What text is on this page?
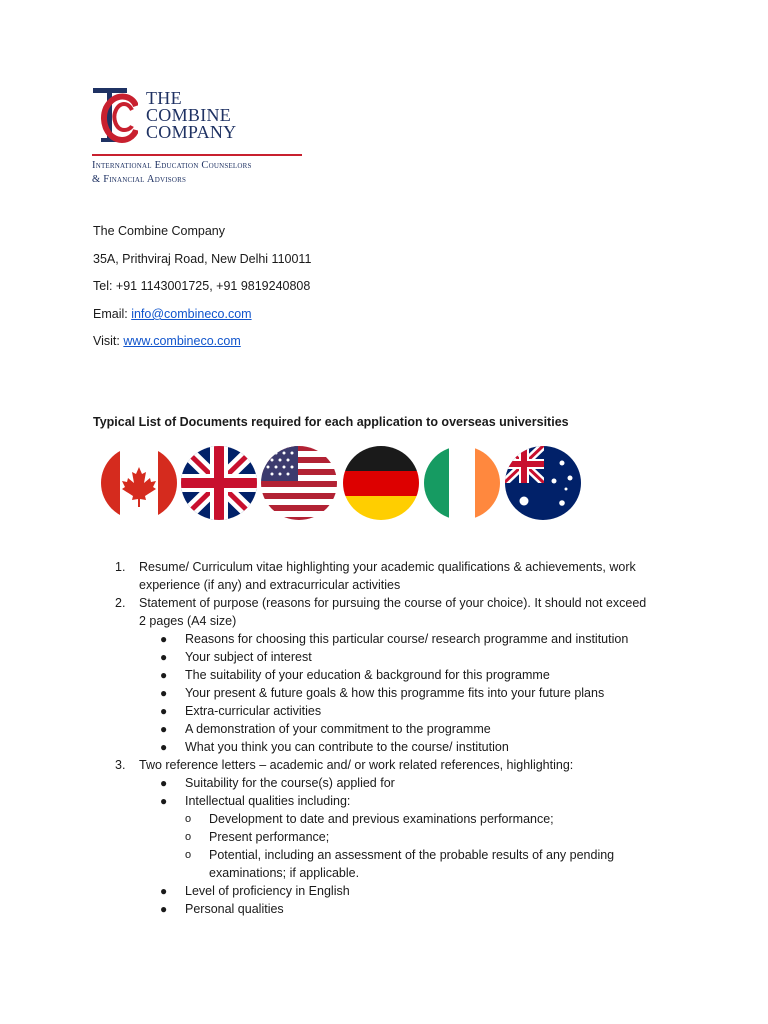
THE
COMBINE
COMPANY
International Education Counselors
& Financial Advisors
The Combine Company
35A, Prithviraj Road, New Delhi 110011
Tel: +91 1143001725, +91 9819240808
Email: info@combineco.com
Visit: www.combineco.com
Typical List of Documents required for each application to overseas universities
1.	Resume/ Curriculum vitae highlighting your academic qualifications & achievements, work
experience (if any) and extracurricular activities
2.	Statement of purpose (reasons for pursuing the course of your choice). It should not exceed
2 pages (A4 size)
●	Reasons for choosing this particular course/ research programme and institution
●	Your subject of interest
●	The suitability of your education & background for this programme
●	Your present & future goals & how this programme fits into your future plans
●	Extra-curricular activities
●	A demonstration of your commitment to the programme
●	What you think you can contribute to the course/ institution
3.	Two reference letters – academic and/ or work related references, highlighting:
●	Suitability for the course(s) applied for
●	Intellectual qualities including:
o	Development to date and previous examinations performance;
o	Present performance;
o	Potential, including an assessment of the probable results of any pending
examinations; if applicable.
●	Level of proficiency in English
●	Personal qualities
